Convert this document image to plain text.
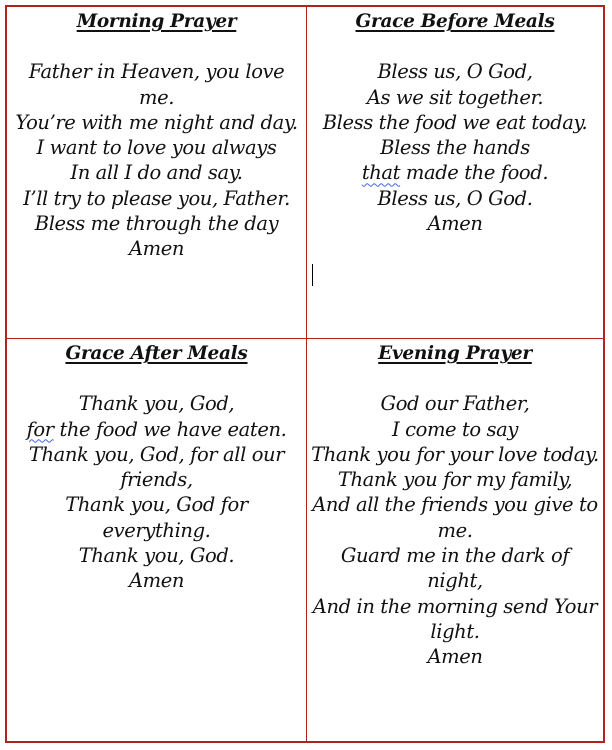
Morning Prayer
Father in Heaven, you love me.
You’re with me night and day.
I want to love you always
In all I do and say.
I’ll try to please you, Father.
Bless me through the day
Amen
Grace Before Meals
Bless us, O God,
As we sit together.
Bless the food we eat today.
Bless the hands
that made the food.
Bless us, O God.
Amen
Grace After Meals
Thank you, God,
for the food we have eaten.
Thank you, God, for all our friends,
Thank you, God for everything.
Thank you, God.
Amen
Evening Prayer
God our Father,
I come to say
Thank you for your love today.
Thank you for my family,
And all the friends you give to me.
Guard me in the dark of night,
And in the morning send Your light.
Amen
